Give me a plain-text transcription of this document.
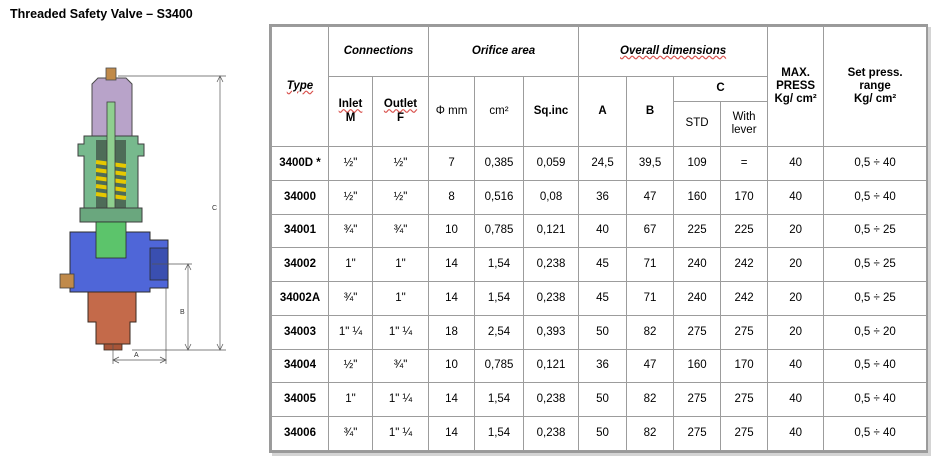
Threaded Safety Valve – S3400
C
B
A
Type	Connections		Orifice area			Overall dimensions				MAX.
PRESS
Kg/ cm²	Set press.
range
Kg/ cm²
	Inlet
M	Outlet
F	Φ mm	cm²	Sq.inc	A	B	C			
								STD	With
lever		
3400D *	½"	½"	7	0,385	0,059	24,5	39,5	109	=	40	0,5 ÷ 40
34000	½"	½"	8	0,516	0,08	36	47	160	170	40	0,5 ÷ 40
34001	¾"	¾"	10	0,785	0,121	40	67	225	225	20	0,5 ÷ 25
34002	1"	1"	14	1,54	0,238	45	71	240	242	20	0,5 ÷ 25
34002A	¾"	1"	14	1,54	0,238	45	71	240	242	20	0,5 ÷ 25
34003	1" ¼	1" ¼	18	2,54	0,393	50	82	275	275	20	0,5 ÷ 20
34004	½"	¾"	10	0,785	0,121	36	47	160	170	40	0,5 ÷ 40
34005	1"	1" ¼	14	1,54	0,238	50	82	275	275	40	0,5 ÷ 40
34006	¾"	1" ¼	14	1,54	0,238	50	82	275	275	40	0,5 ÷ 40
